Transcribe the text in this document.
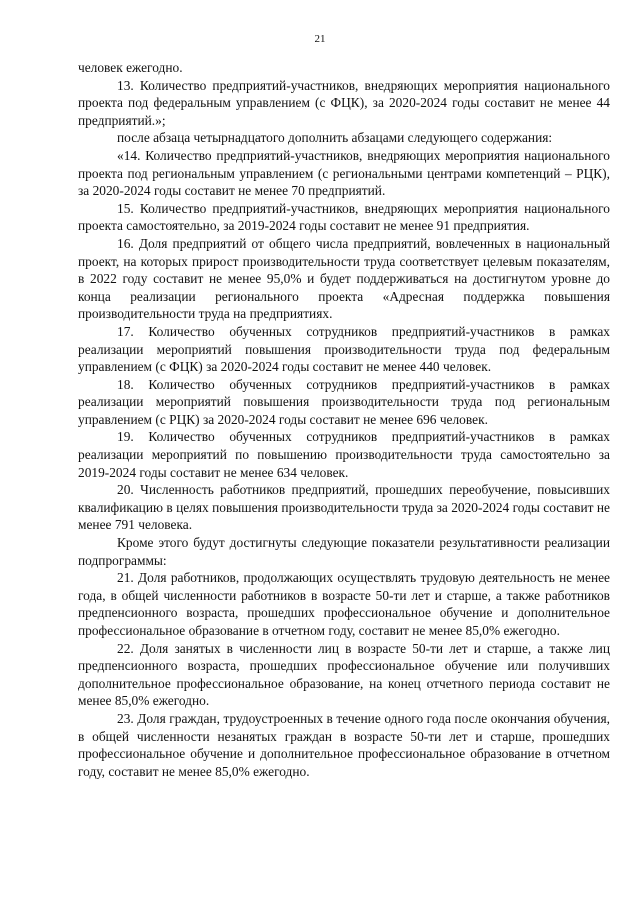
21

человек ежегодно.

13. Количество предприятий-участников, внедряющих мероприятия национального проекта под федеральным управлением (с ФЦК), за 2020-2024 годы составит не менее 44 предприятий.»;

после абзаца четырнадцатого дополнить абзацами следующего содержания:

«14. Количество предприятий-участников, внедряющих мероприятия национального проекта под региональным управлением (с региональными центрами компетенций – РЦК), за 2020-2024 годы составит не менее 70 предприятий.

15. Количество предприятий-участников, внедряющих мероприятия национального проекта самостоятельно, за 2019-2024 годы составит не менее 91 предприятия.

16. Доля предприятий от общего числа предприятий, вовлеченных в национальный проект, на которых прирост производительности труда соответствует целевым показателям, в 2022 году составит не менее 95,0% и будет поддерживаться на достигнутом уровне до конца реализации регионального проекта «Адресная поддержка повышения производительности труда на предприятиях.

17. Количество обученных сотрудников предприятий-участников в рамках реализации мероприятий повышения производительности труда под федеральным управлением (с ФЦК) за 2020-2024 годы составит не менее 440 человек.

18. Количество обученных сотрудников предприятий-участников в рамках реализации мероприятий повышения производительности труда под региональным управлением (с РЦК) за 2020-2024 годы составит не менее 696 человек.

19. Количество обученных сотрудников предприятий-участников в рамках реализации мероприятий по повышению производительности труда самостоятельно за 2019-2024 годы составит не менее 634 человек.

20. Численность работников предприятий, прошедших переобучение, повысивших квалификацию в целях повышения производительности труда за 2020-2024 годы составит не менее 791 человека.

Кроме этого будут достигнуты следующие показатели результативности реализации подпрограммы:

21. Доля работников, продолжающих осуществлять трудовую деятельность не менее года, в общей численности работников в возрасте 50-ти лет и старше, а также работников предпенсионного возраста, прошедших профессиональное обучение и дополнительное профессиональное образование в отчетном году, составит не менее 85,0% ежегодно.

22. Доля занятых в численности лиц в возрасте 50-ти лет и старше, а также лиц предпенсионного возраста, прошедших профессиональное обучение или получивших дополнительное профессиональное образование, на конец отчетного периода составит не менее 85,0% ежегодно.

23. Доля граждан, трудоустроенных в течение одного года после окончания обучения, в общей численности незанятых граждан в возрасте 50-ти лет и старше, прошедших профессиональное обучение и дополнительное профессиональное образование в отчетном году, составит не менее 85,0% ежегодно.
